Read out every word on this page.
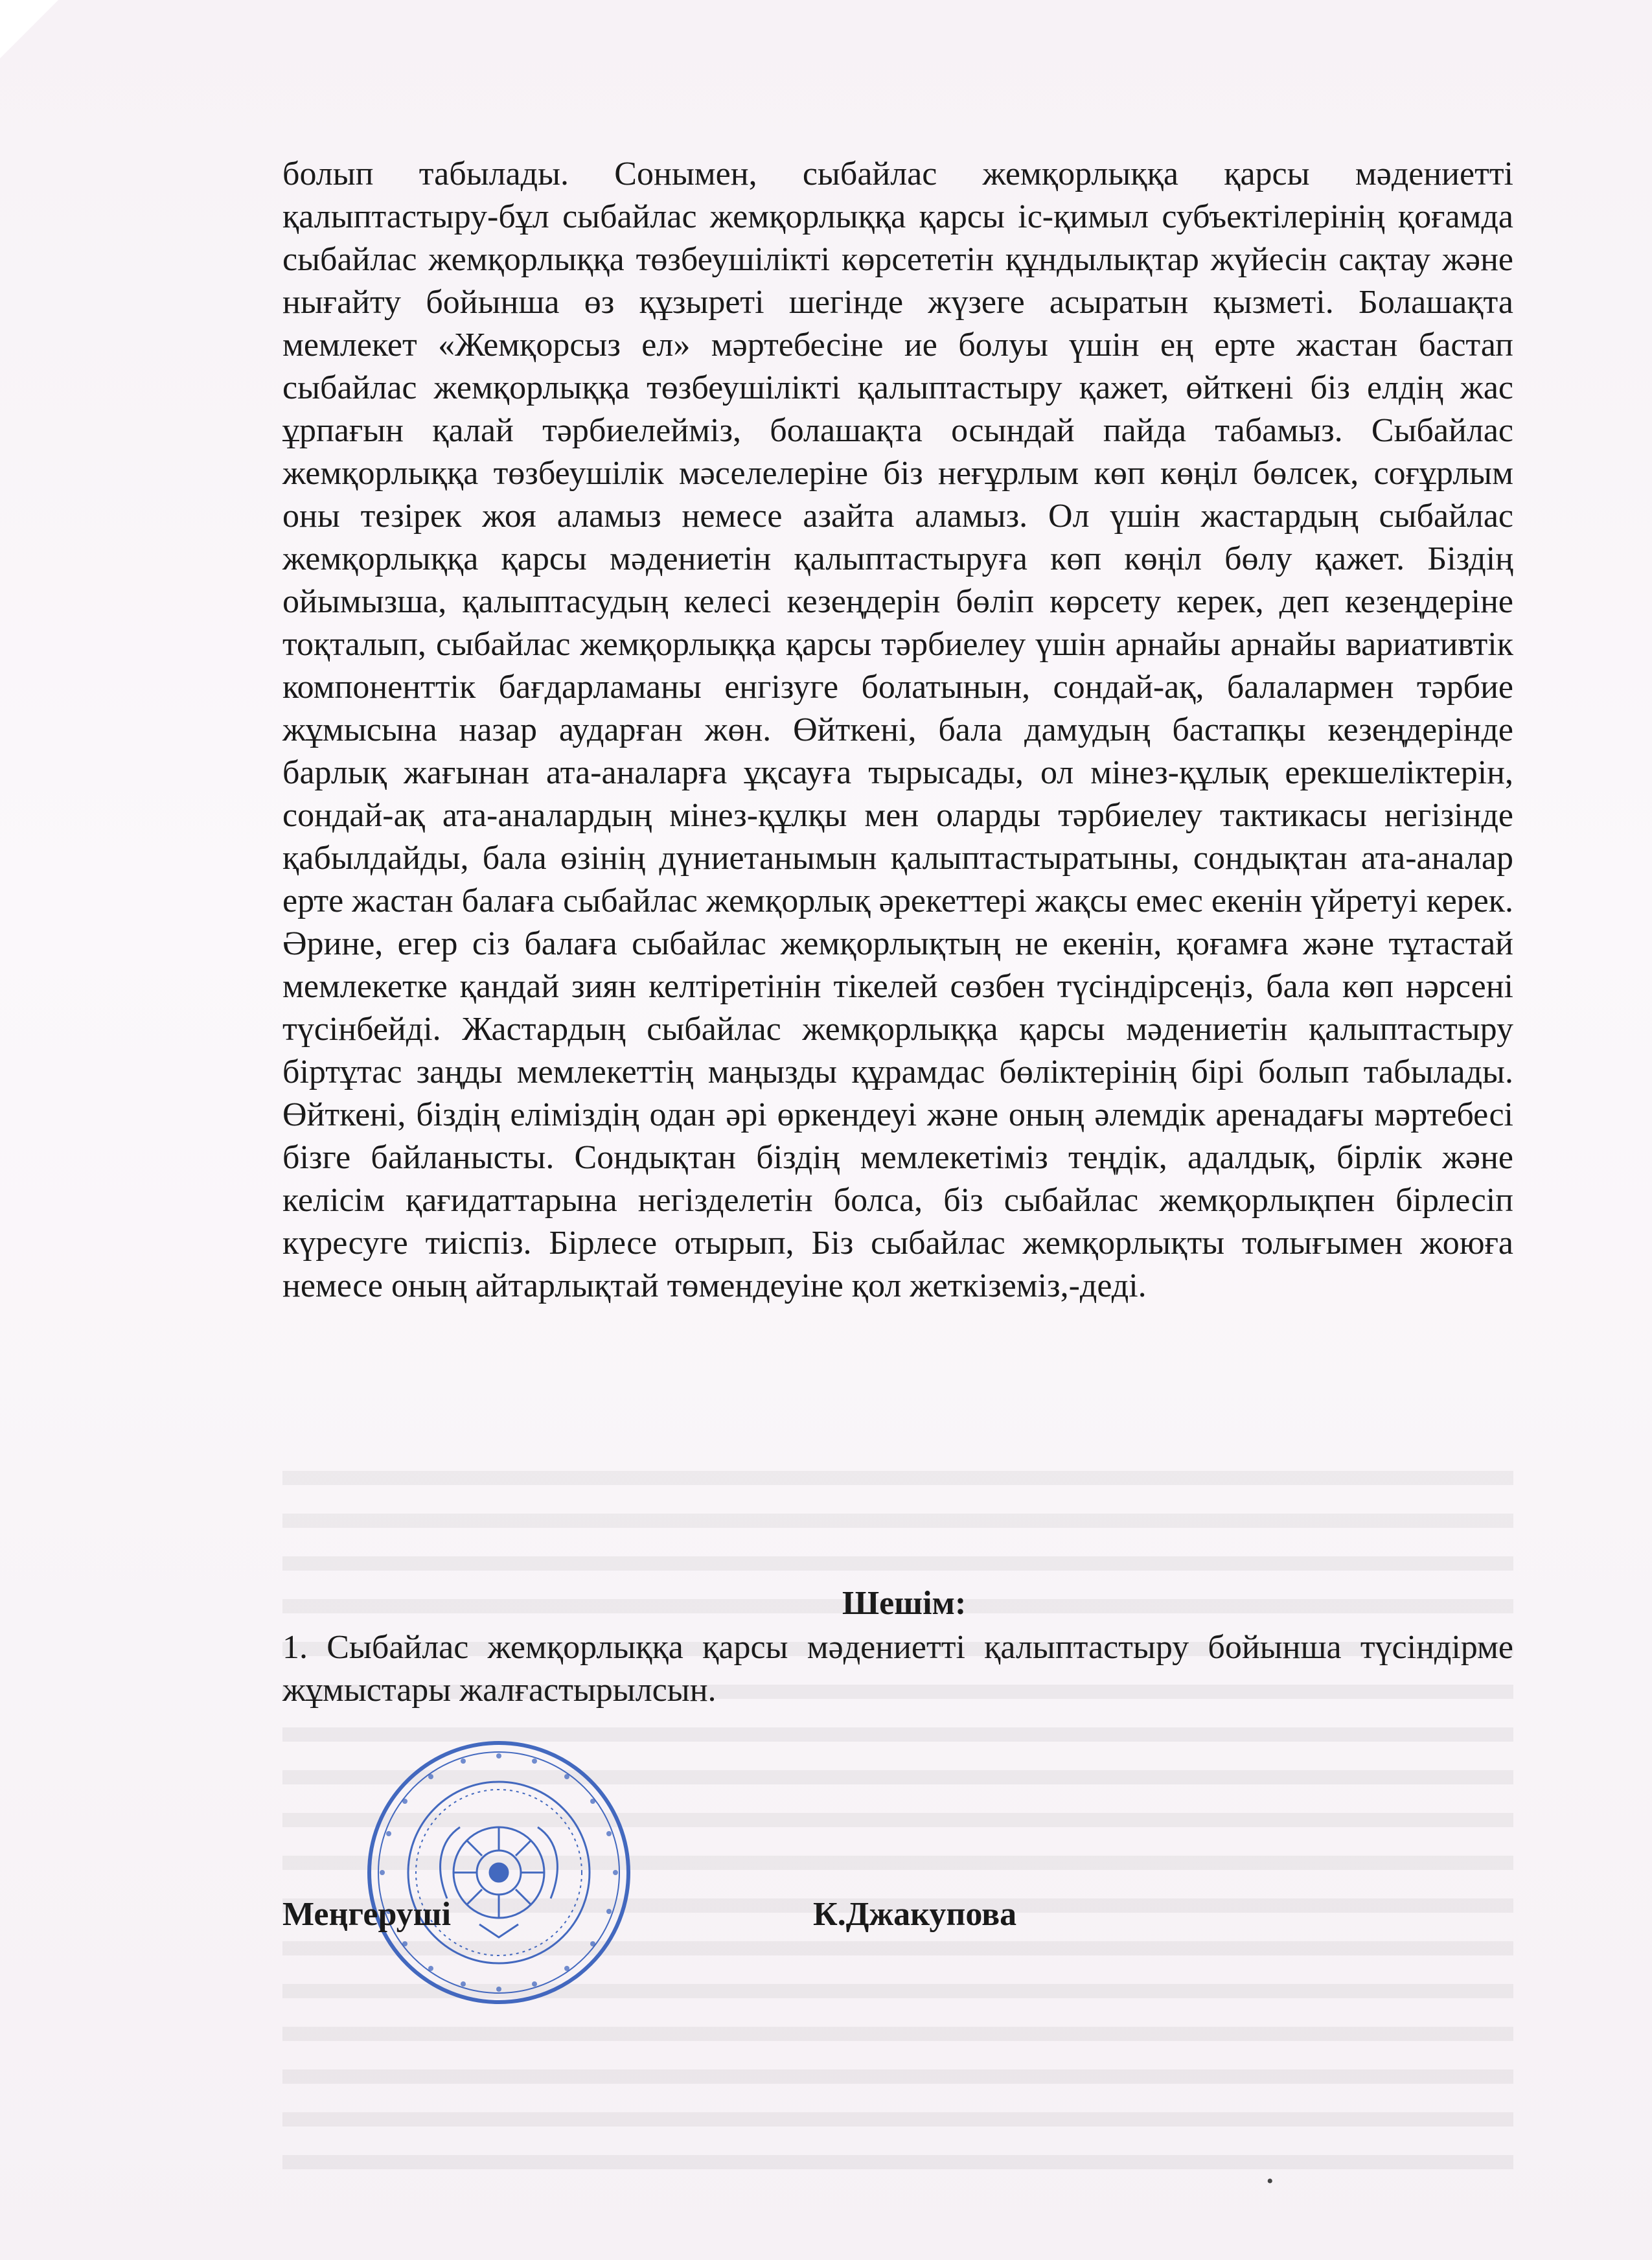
болып табылады. Сонымен, сыбайлас жемқорлыққа қарсы мәдениетті қалыптастыру-бұл сыбайлас жемқорлыққа қарсы іс-қимыл субъектілерінің қоғамда сыбайлас жемқорлыққа төзбеушілікті көрсететін құндылықтар жүйесін сақтау және нығайту бойынша өз құзыреті шегінде жүзеге асыратын қызметі. Болашақта мемлекет «Жемқорсыз ел» мәртебесіне ие болуы үшін ең ерте жастан бастап сыбайлас жемқорлыққа төзбеушілікті қалыптастыру қажет, өйткені біз елдің жас ұрпағын қалай тәрбиелейміз, болашақта осындай пайда табамыз. Сыбайлас жемқорлыққа төзбеушілік мәселелеріне біз неғұрлым көп көңіл бөлсек, соғұрлым оны тезірек жоя аламыз немесе азайта аламыз. Ол үшін жастардың сыбайлас жемқорлыққа қарсы мәдениетін қалыптастыруға көп көңіл бөлу қажет. Біздің ойымызша, қалыптасудың келесі кезеңдерін бөліп көрсету керек, деп кезеңдеріне тоқталып, сыбайлас жемқорлыққа қарсы тәрбиелеу үшін арнайы арнайы вариативтік компоненттік бағдарламаны енгізуге болатынын, сондай-ақ, балалармен тәрбие жұмысына назар аударған жөн. Өйткені, бала дамудың бастапқы кезеңдерінде барлық жағынан ата-аналарға ұқсауға тырысады, ол мінез-құлық ерекшеліктерін, сондай-ақ ата-аналардың мінез-құлқы мен оларды тәрбиелеу тактикасы негізінде қабылдайды, бала өзінің дүниетанымын қалыптастыратыны, сондықтан ата-аналар ерте жастан балаға сыбайлас жемқорлық әрекеттері жақсы емес екенін үйретуі керек. Әрине, егер сіз балаға сыбайлас жемқорлықтың не екенін, қоғамға және тұтастай мемлекетке қандай зиян келтіретінін тікелей сөзбен түсіндірсеңіз, бала көп нәрсені түсінбейді. Жастардың сыбайлас жемқорлыққа қарсы мәдениетін қалыптастыру біртұтас заңды мемлекеттің маңызды құрамдас бөліктерінің бірі болып табылады. Өйткені, біздің еліміздің одан әрі өркендеуі және оның әлемдік аренадағы мәртебесі бізге байланысты. Сондықтан біздің мемлекетіміз теңдік, адалдық, бірлік және келісім қағидаттарына негізделетін болса, біз сыбайлас жемқорлықпен бірлесіп күресуге тиіспіз. Бірлесе отырып, Біз сыбайлас жемқорлықты толығымен жоюға немесе оның айтарлықтай төмендеуіне қол жеткіземіз,-деді.

Шешім:

1. Сыбайлас жемқорлыққа қарсы мәдениетті қалыптастыру бойынша түсіндірме жұмыстары жалғастырылсын.

Меңгеруші	К.Джакупова
•
